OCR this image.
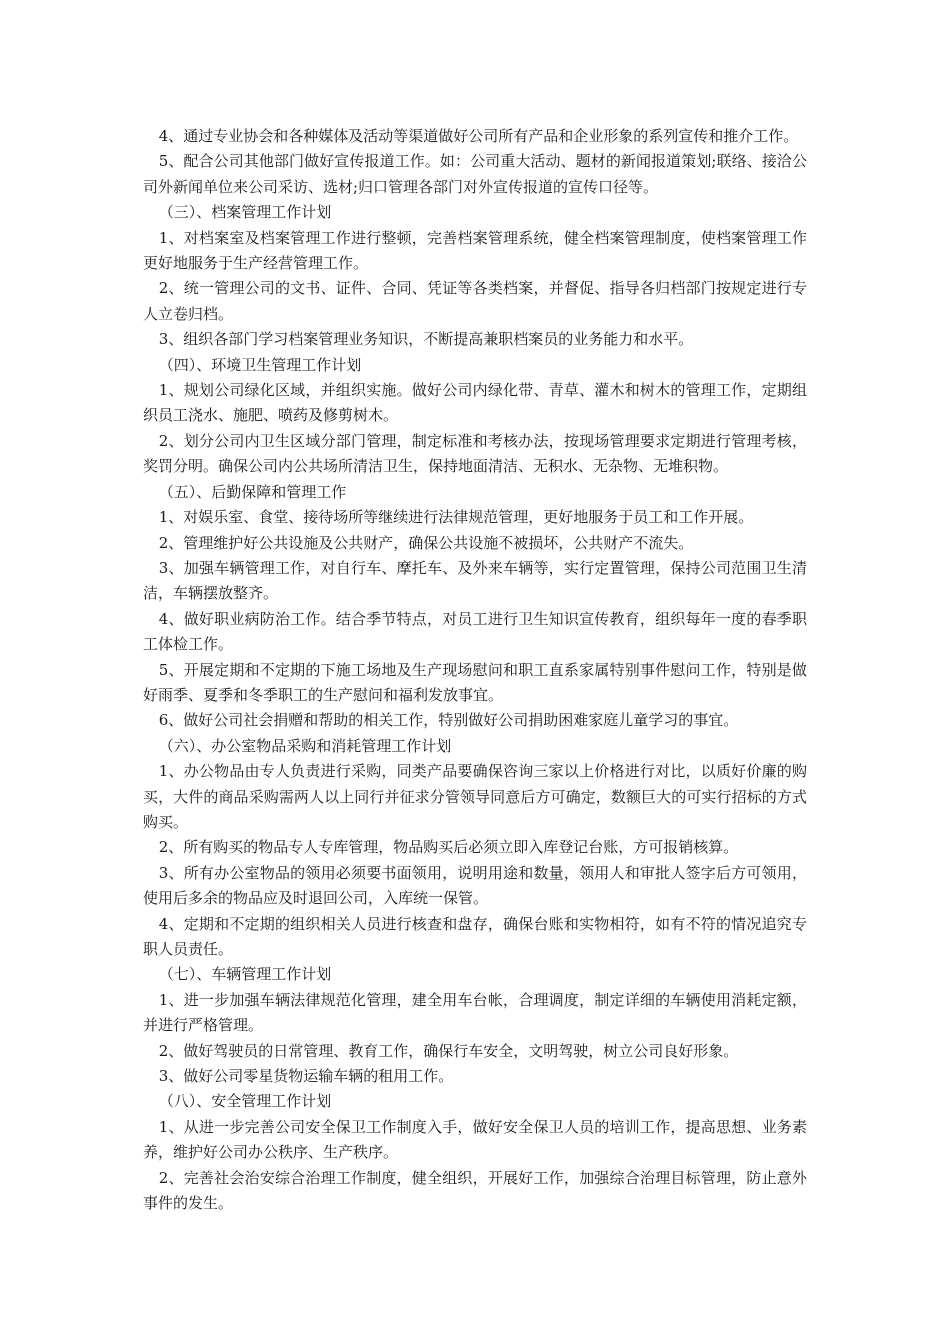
4、通过专业协会和各种媒体及活动等渠道做好公司所有产品和企业形象的系列宣传和推介工作。

5、配合公司其他部门做好宣传报道工作。如：公司重大活动、题材的新闻报道策划;联络、接洽公司外新闻单位来公司采访、选材;归口管理各部门对外宣传报道的宣传口径等。

（三）、档案管理工作计划

1、对档案室及档案管理工作进行整顿，完善档案管理系统，健全档案管理制度，使档案管理工作更好地服务于生产经营管理工作。

2、统一管理公司的文书、证件、合同、凭证等各类档案，并督促、指导各归档部门按规定进行专人立卷归档。

3、组织各部门学习档案管理业务知识，不断提高兼职档案员的业务能力和水平。

（四）、环境卫生管理工作计划

1、规划公司绿化区域，并组织实施。做好公司内绿化带、青草、灌木和树木的管理工作，定期组织员工浇水、施肥、喷药及修剪树木。

2、划分公司内卫生区域分部门管理，制定标准和考核办法，按现场管理要求定期进行管理考核，奖罚分明。确保公司内公共场所清洁卫生，保持地面清洁、无积水、无杂物、无堆积物。

（五）、后勤保障和管理工作

1、对娱乐室、食堂、接待场所等继续进行法律规范管理，更好地服务于员工和工作开展。

2、管理维护好公共设施及公共财产，确保公共设施不被损坏，公共财产不流失。

3、加强车辆管理工作，对自行车、摩托车、及外来车辆等，实行定置管理，保持公司范围卫生清洁，车辆摆放整齐。

4、做好职业病防治工作。结合季节特点，对员工进行卫生知识宣传教育，组织每年一度的春季职工体检工作。

5、开展定期和不定期的下施工场地及生产现场慰问和职工直系家属特别事件慰问工作，特别是做好雨季、夏季和冬季职工的生产慰问和福利发放事宜。

6、做好公司社会捐赠和帮助的相关工作，特别做好公司捐助困难家庭儿童学习的事宜。

（六）、办公室物品采购和消耗管理工作计划

1、办公物品由专人负责进行采购，同类产品要确保咨询三家以上价格进行对比，以质好价廉的购买，大件的商品采购需两人以上同行并征求分管领导同意后方可确定，数额巨大的可实行招标的方式购买。

2、所有购买的物品专人专库管理，物品购买后必须立即入库登记台账，方可报销核算。

3、所有办公室物品的领用必须要书面领用，说明用途和数量，领用人和审批人签字后方可领用，使用后多余的物品应及时退回公司，入库统一保管。

4、定期和不定期的组织相关人员进行核查和盘存，确保台账和实物相符，如有不符的情况追究专职人员责任。

（七）、车辆管理工作计划

1、进一步加强车辆法律规范化管理，建全用车台帐，合理调度，制定详细的车辆使用消耗定额，并进行严格管理。

2、做好驾驶员的日常管理、教育工作，确保行车安全，文明驾驶，树立公司良好形象。

3、做好公司零星货物运输车辆的租用工作。

（八）、安全管理工作计划

1、从进一步完善公司安全保卫工作制度入手，做好安全保卫人员的培训工作，提高思想、业务素养，维护好公司办公秩序、生产秩序。

2、完善社会治安综合治理工作制度，健全组织，开展好工作，加强综合治理目标管理，防止意外事件的发生。
